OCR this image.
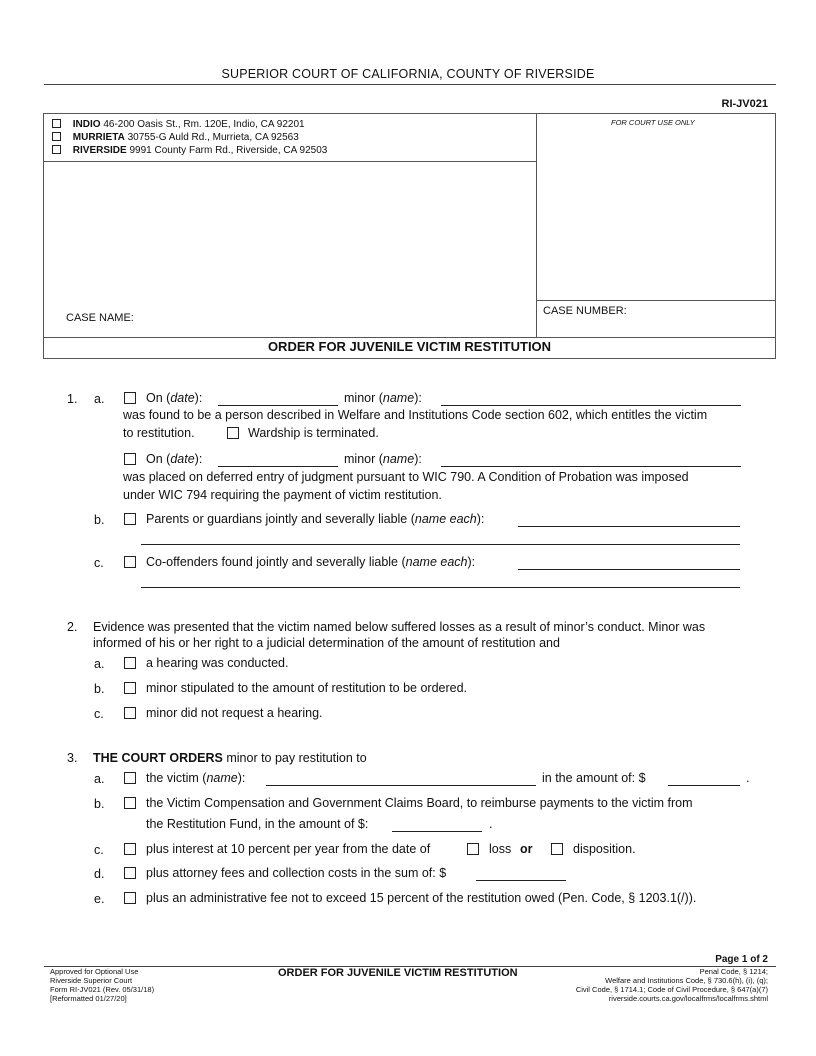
SUPERIOR COURT OF CALIFORNIA, COUNTY OF RIVERSIDE
RI-JV021
INDIO 46-200 Oasis St., Rm. 120E, Indio, CA 92201
MURRIETA 30755-G Auld Rd., Murrieta, CA 92563
RIVERSIDE 9991 County Farm Rd., Riverside, CA 92503
FOR COURT USE ONLY
CASE NAME:
CASE NUMBER:
ORDER FOR JUVENILE VICTIM RESTITUTION
1. a.	On (date):	minor (name):
was found to be a person described in Welfare and Institutions Code section 602, which entitles the victim
to restitution.	Wardship is terminated.
On (date):	minor (name):
was placed on deferred entry of judgment pursuant to WIC 790. A Condition of Probation was imposed
under WIC 794 requiring the payment of victim restitution.
b.	Parents or guardians jointly and severally liable (name each):
c.	Co-offenders found jointly and severally liable (name each):
2. Evidence was presented that the victim named below suffered losses as a result of minor’s conduct. Minor was
informed of his or her right to a judicial determination of the amount of restitution and
a.	a hearing was conducted.
b.	minor stipulated to the amount of restitution to be ordered.
c.	minor did not request a hearing.
3. THE COURT ORDERS minor to pay restitution to
a.	the victim (name):	in the amount of: $	.
b.	the Victim Compensation and Government Claims Board, to reimburse payments to the victim from
the Restitution Fund, in the amount of $:	.
c.	plus interest at 10 percent per year from the date of	loss or	disposition.
d.	plus attorney fees and collection costs in the sum of: $
e.	plus an administrative fee not to exceed 15 percent of the restitution owed (Pen. Code, § 1203.1(/)).
Page 1 of 2
Approved for Optional Use
Riverside Superior Court
Form RI-JV021 (Rev. 05/31/18)
[Reformatted 01/27/20]
ORDER FOR JUVENILE VICTIM RESTITUTION	Penal Code, § 1214;
Welfare and Institutions Code, § 730.6(h), (i), (q);
Civil Code, § 1714.1; Code of Civil Procedure, § 647(a)(7)
riverside.courts.ca.gov/localfrms/localfrms.shtml
